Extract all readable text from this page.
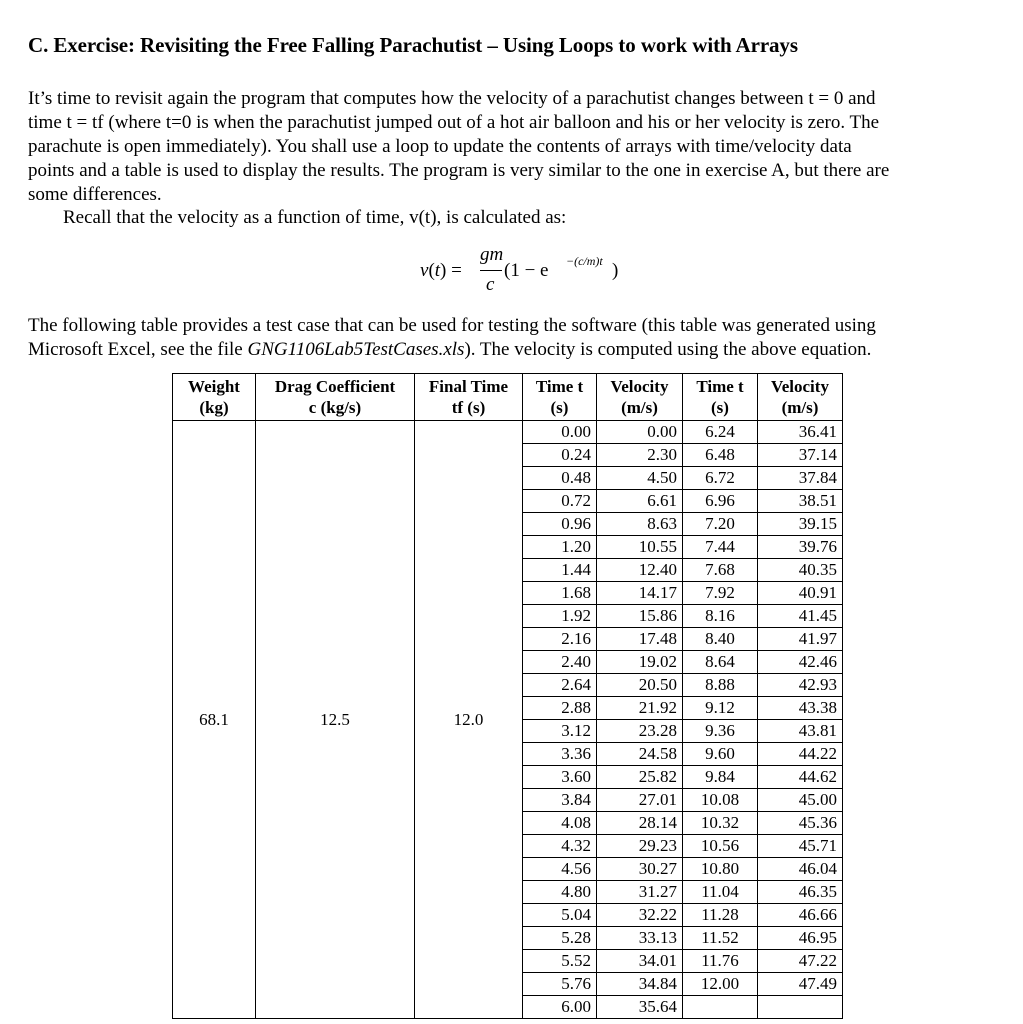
C. Exercise: Revisiting the Free Falling Parachutist – Using Loops to work with Arrays

It’s time to revisit again the program that computes how the velocity of a parachutist changes between t = 0 and
time t = tf (where t=0 is when the parachutist jumped out of a hot air balloon and his or her velocity is zero. The
parachute is open immediately). You shall use a loop to update the contents of arrays with time/velocity data
points and a table is used to display the results. The program is very similar to the one in exercise A, but there are
some differences.

Recall that the velocity as a function of time, v(t), is calculated as:

v(t) =
gm
c
(1 − e −(c/m)t )

The following table provides a test case that can be used for testing the software (this table was generated using
Microsoft Excel, see the file GNG1106Lab5TestCases.xls). The velocity is computed using the above equation.

Weight
(kg)	Drag Coefficient
c (kg/s)	Final Time
tf (s)	Time t
(s)	Velocity
(m/s)	Time t
(s)	Velocity
(m/s)

68.1	12.5	12.0	0.00	0.00	6.24	36.41
			0.24	2.30	6.48	37.14
			0.48	4.50	6.72	37.84
			0.72	6.61	6.96	38.51
			0.96	8.63	7.20	39.15
			1.20	10.55	7.44	39.76
			1.44	12.40	7.68	40.35
			1.68	14.17	7.92	40.91
			1.92	15.86	8.16	41.45
			2.16	17.48	8.40	41.97
			2.40	19.02	8.64	42.46
			2.64	20.50	8.88	42.93
			2.88	21.92	9.12	43.38
			3.12	23.28	9.36	43.81
			3.36	24.58	9.60	44.22
			3.60	25.82	9.84	44.62
			3.84	27.01	10.08	45.00
			4.08	28.14	10.32	45.36
			4.32	29.23	10.56	45.71
			4.56	30.27	10.80	46.04
			4.80	31.27	11.04	46.35
			5.04	32.22	11.28	46.66
			5.28	33.13	11.52	46.95
			5.52	34.01	11.76	47.22
			5.76	34.84	12.00	47.49
			6.00	35.64		
